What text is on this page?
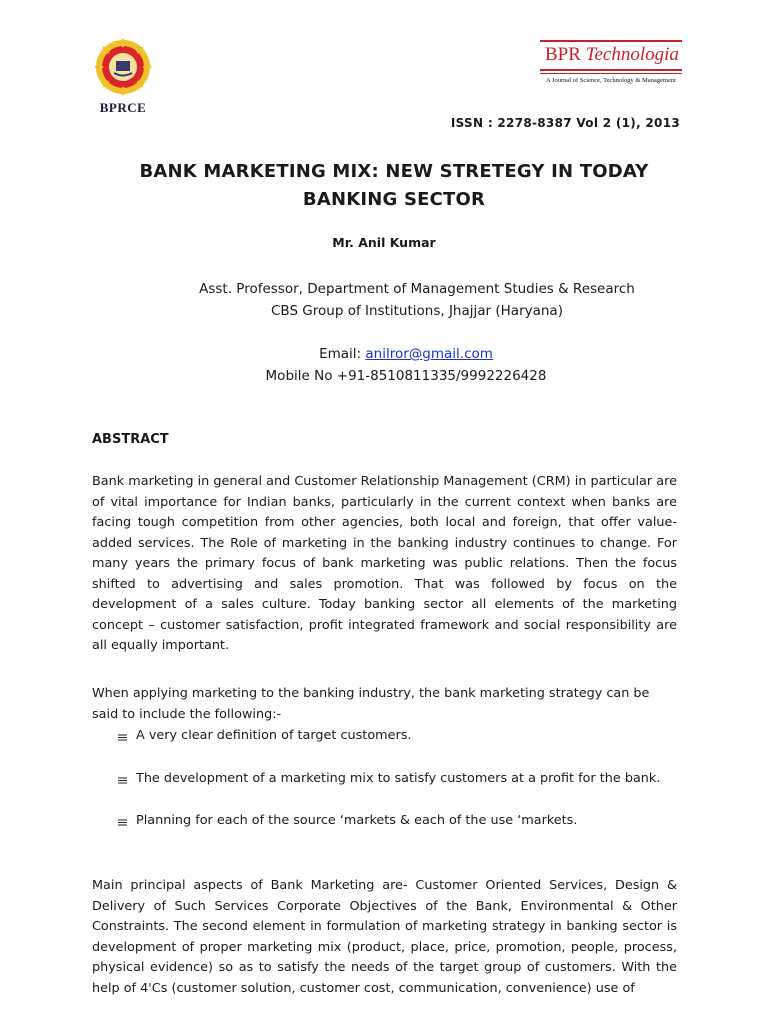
BPRCE
BPR Technologia
A Journal of Science, Technology & Management
ISSN : 2278-8387 Vol 2 (1), 2013
BANK MARKETING MIX: NEW STRETEGY IN TODAY
BANKING SECTOR
Mr. Anil Kumar
Asst. Professor, Department of Management Studies & Research
CBS Group of Institutions, Jhajjar (Haryana)
Email: anilror@gmail.com
Mobile No +91-8510811335/9992226428
ABSTRACT
Bank marketing in general and Customer Relationship Management (CRM) in particular are of vital importance for Indian banks, particularly in the current context when banks are facing tough competition from other agencies, both local and foreign, that offer value-added services. The Role of marketing in the banking industry continues to change. For many years the primary focus of bank marketing was public relations. Then the focus shifted to advertising and sales promotion. That was followed by focus on the development of a sales culture. Today banking sector all elements of the marketing concept – customer satisfaction, profit integrated framework and social responsibility are all equally important.
When applying marketing to the banking industry, the bank marketing strategy can be said to include the following:-
A very clear definition of target customers.
The development of a marketing mix to satisfy customers at a profit for the bank.
Planning for each of the source ‘markets & each of the use ‘markets.
Main principal aspects of Bank Marketing are- Customer Oriented Services, Design & Delivery of Such Services Corporate Objectives of the Bank, Environmental & Other Constraints. The second element in formulation of marketing strategy in banking sector is development of proper marketing mix (product, place, price, promotion, people, process, physical evidence) so as to satisfy the needs of the target group of customers. With the help of 4'Cs (customer solution, customer cost, communication, convenience) use of
